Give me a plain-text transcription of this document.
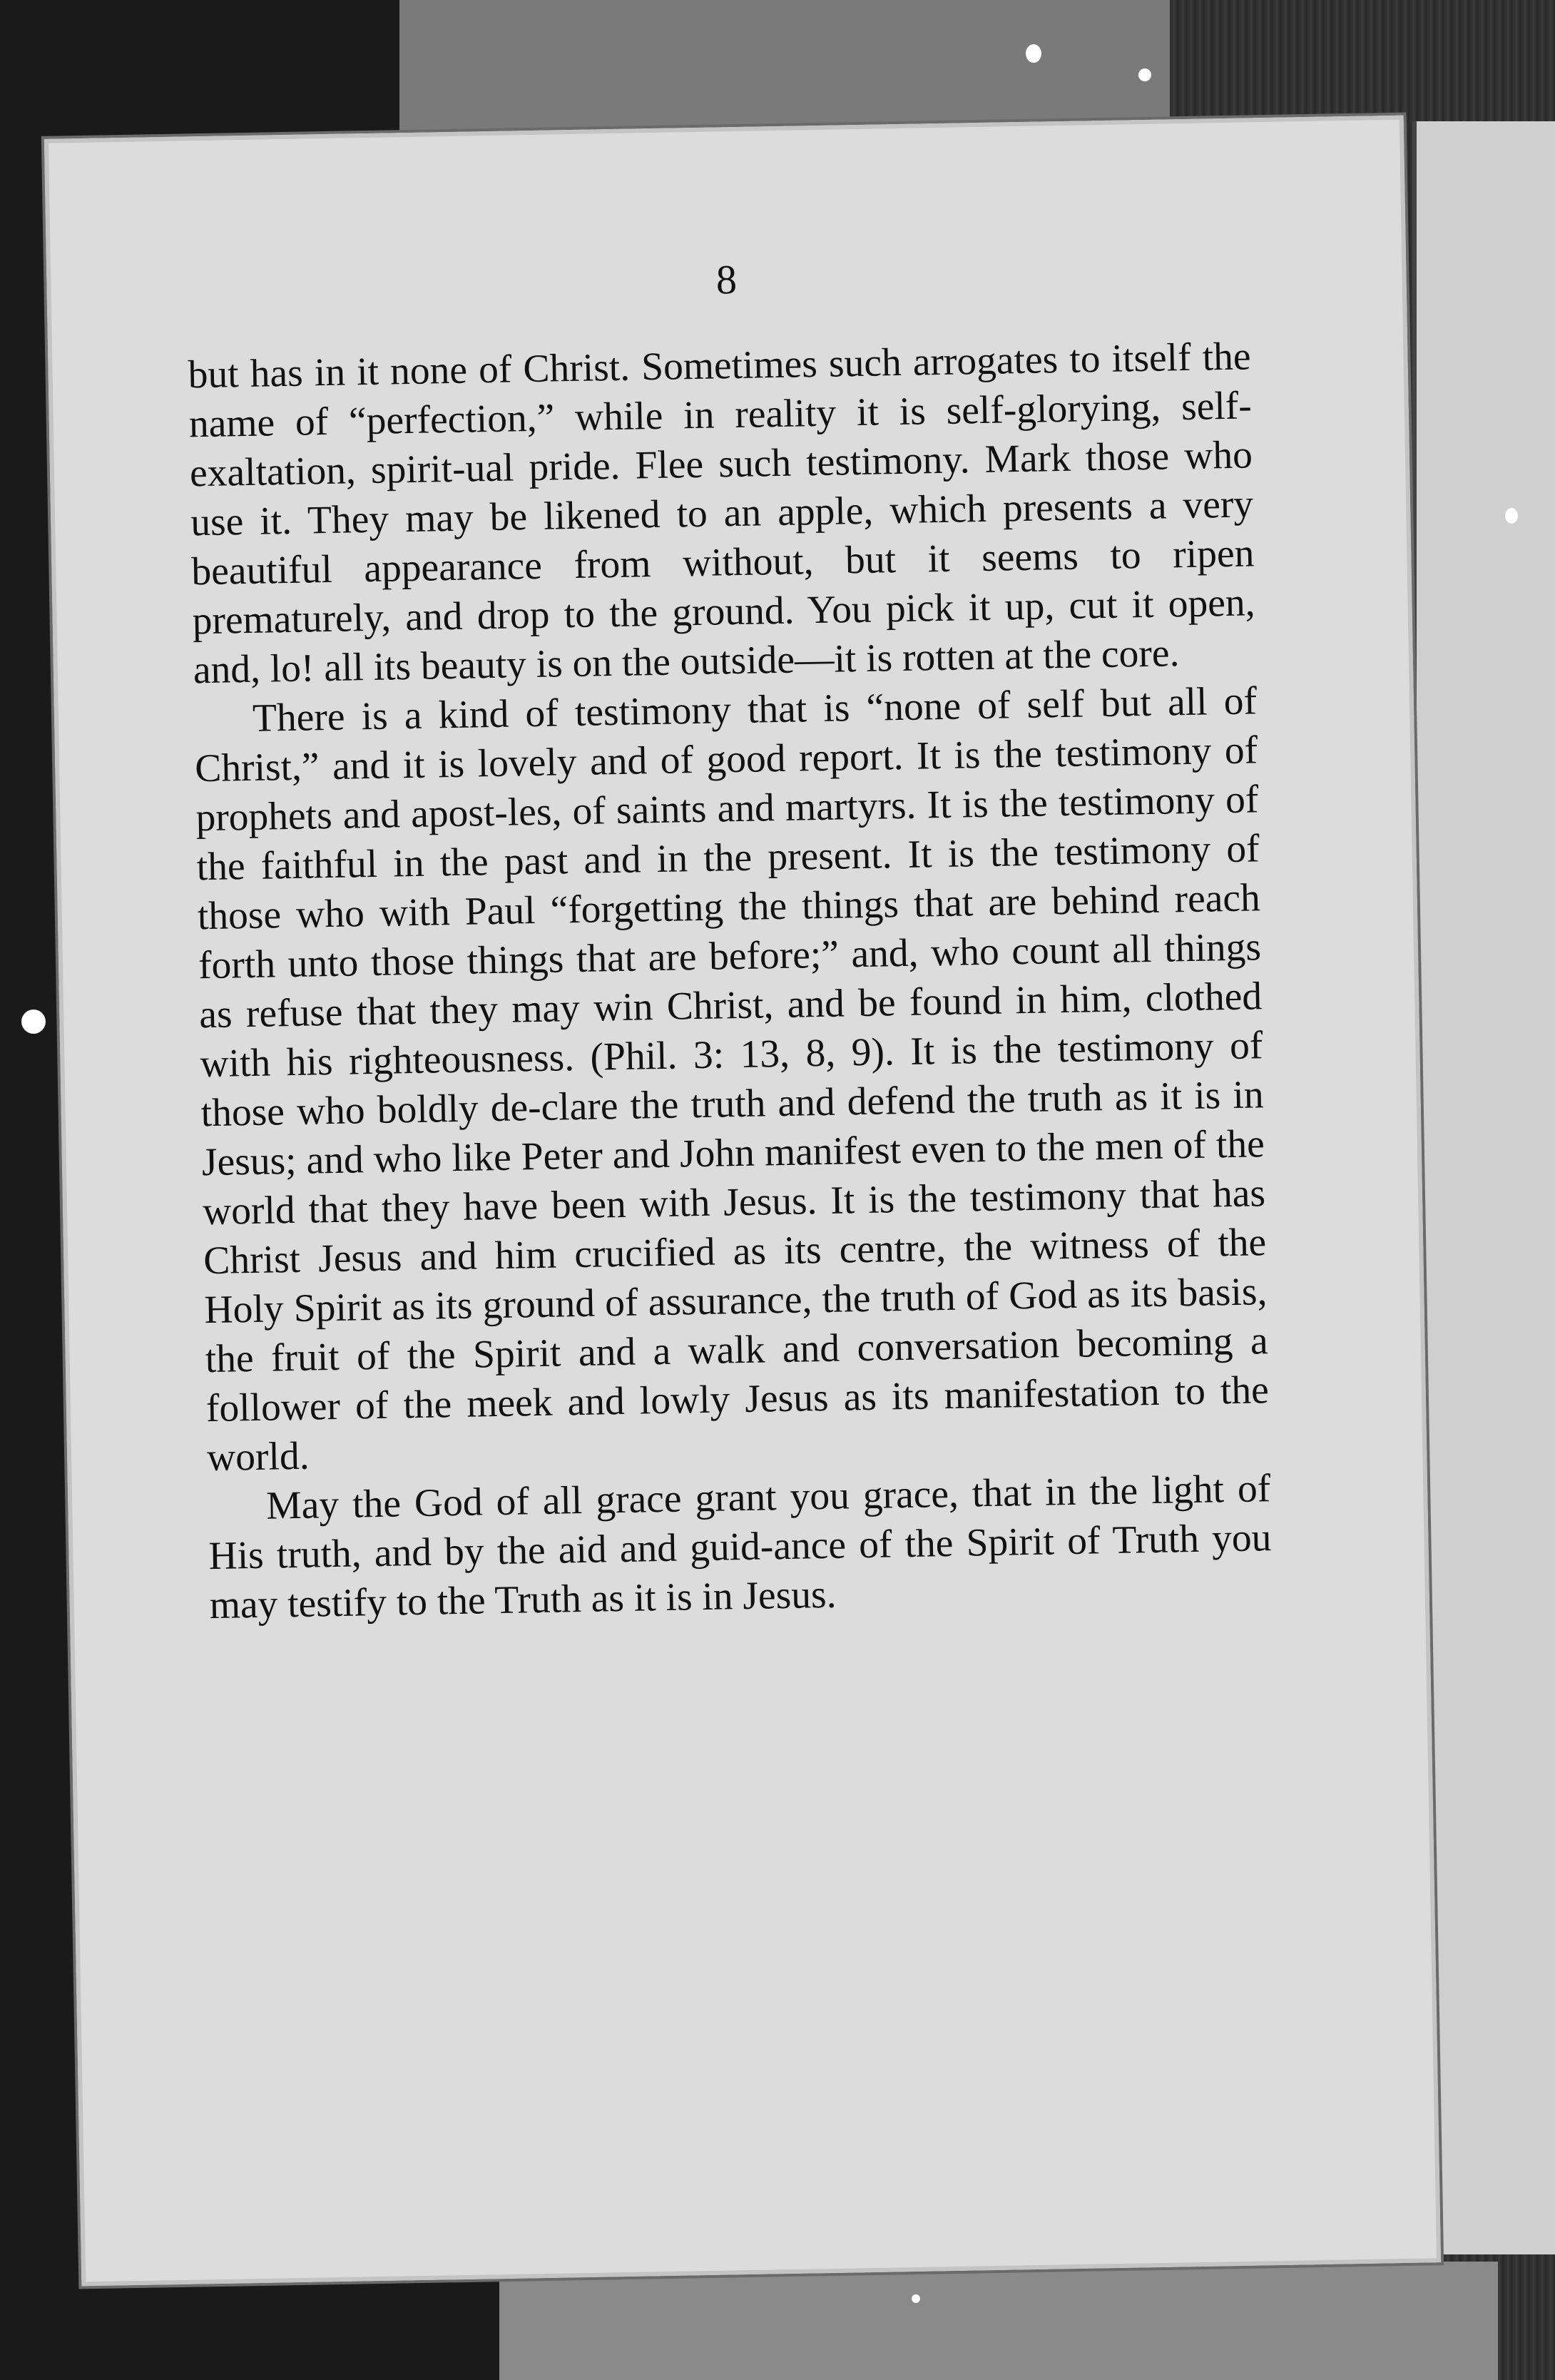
8

but has in it none of Christ. Sometimes such arrogates to itself the name of “perfection,” while in reality it is self-glorying, self-exaltation, spirit-ual pride. Flee such testimony. Mark those who use it. They may be likened to an apple, which presents a very beautiful appearance from without, but it seems to ripen prematurely, and drop to the ground. You pick it up, cut it open, and, lo! all its beauty is on the outside—it is rotten at the core.

There is a kind of testimony that is “none of self but all of Christ,” and it is lovely and of good report. It is the testimony of prophets and apost-les, of saints and martyrs. It is the testimony of the faithful in the past and in the present. It is the testimony of those who with Paul “forgetting the things that are behind reach forth unto those things that are before;” and, who count all things as refuse that they may win Christ, and be found in him, clothed with his righteousness. (Phil. 3: 13, 8, 9). It is the testimony of those who boldly de-clare the truth and defend the truth as it is in Jesus; and who like Peter and John manifest even to the men of the world that they have been with Jesus. It is the testimony that has Christ Jesus and him crucified as its centre, the witness of the Holy Spirit as its ground of assurance, the truth of God as its basis, the fruit of the Spirit and a walk and conversation becoming a follower of the meek and lowly Jesus as its manifestation to the world.

May the God of all grace grant you grace, that in the light of His truth, and by the aid and guid-ance of the Spirit of Truth you may testify to the Truth as it is in Jesus.
